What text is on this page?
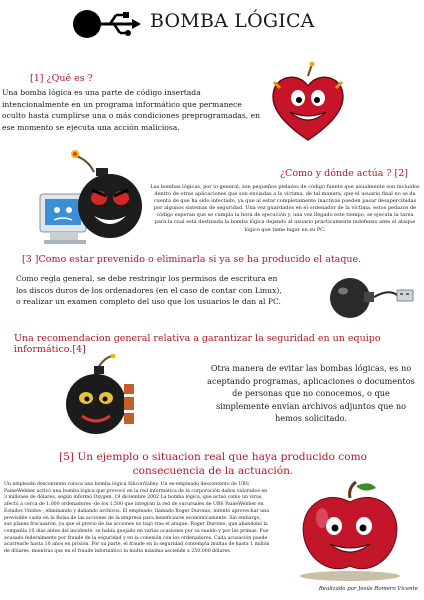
BOMBA LÓGICA
[1] ¿Qué es ?
Una bomba lógica es una parte de código insertada intencionalmente en un programa informático que permanece oculto hasta cumplirse una o más condiciones preprogramadas, en ese momento se ejecuta una acción maliciosa.
¿Como y dónde actúa ? [2]
Las bombas lógicas, por lo general, son pequeños pedazos de código fuente que usualmente son incluidos dentro de otras aplicaciones que son enviadas a la víctima, de tal manera, que el usuario final no se da cuenta de que ha sido infectado, ya que al estar completamente inactivas pueden pasar desapercibidas por algunos sistemas de seguridad. Una vez guardados en el ordenador de la víctima, estos pedazos de código esperan que se cumpla la hora de ejecución y, una vez llegado este tiempo, se ejecuta la tarea para la cual está destinada la bomba lógica dejando al usuario prácticamente indefenso ante el ataque lógico que tiene lugar en su PC.
[3 ]Como estar prevenido o eliminarla si ya se ha producido el ataque.
Como regla general, se debe restringir los permisos de escritura en los discos duros de los ordenadores (en el caso de contar con Linux), o realizar un examen completo del uso que los usuarios le dan al PC.
Una recomendacion general relativa a garantizar la seguridad en un equipo informático.[4]
Otra manera de evitar las bombas lógicas, es no aceptando programas, aplicaciones o documentos de personas que no conocemos, o que simplemente envían archivos adjuntos que no hemos solicitado.
[5] Un ejemplo o situacion real que haya producido como consecuencia de la actuación.
Un empleado descontento coloca una bomba lógica SiliconValley. Un ex-empleado descontento de UBS PaineWebber activó una bomba lógica que provocó en la red informática de la corporación daños valorados en 3 millones de dólares, según informó Oxygen. 19 diciembre 2002 La bomba lógica, que actuó como un virus, afectó a cerca de 1.000 ordenadores -de los 1.500 que integran la red de sucursales de UBS PaineWebber en Estados Unidos-, eliminando y dañando archivos. El empleado, llamado Roger Duronio, intentó aprovechar una previsible caída en la Bolsa de las acciones de la empresa para beneficiarse económicamente. Sin embargo, sus planes fracasaron, ya que el precio de las acciones no bajó tras el ataque. Roger Duronio, que abandonó la compañía 10 días antes del incidente, se había quejado en varias ocasiones por su sueldo y por las primas. Fue acusado federalmente por fraude de la seguridad y en la conexión con los ordenadores. Cada acusación puede acarrearle hasta 10 años en prisión. Por su parte, el fraude en la seguridad contempla multas de hasta 1 millón de dólares, mientras que en el fraude informático la multa máxima asciende a 250.000 dólares.
Realizado por Jesús Romero Vicente
